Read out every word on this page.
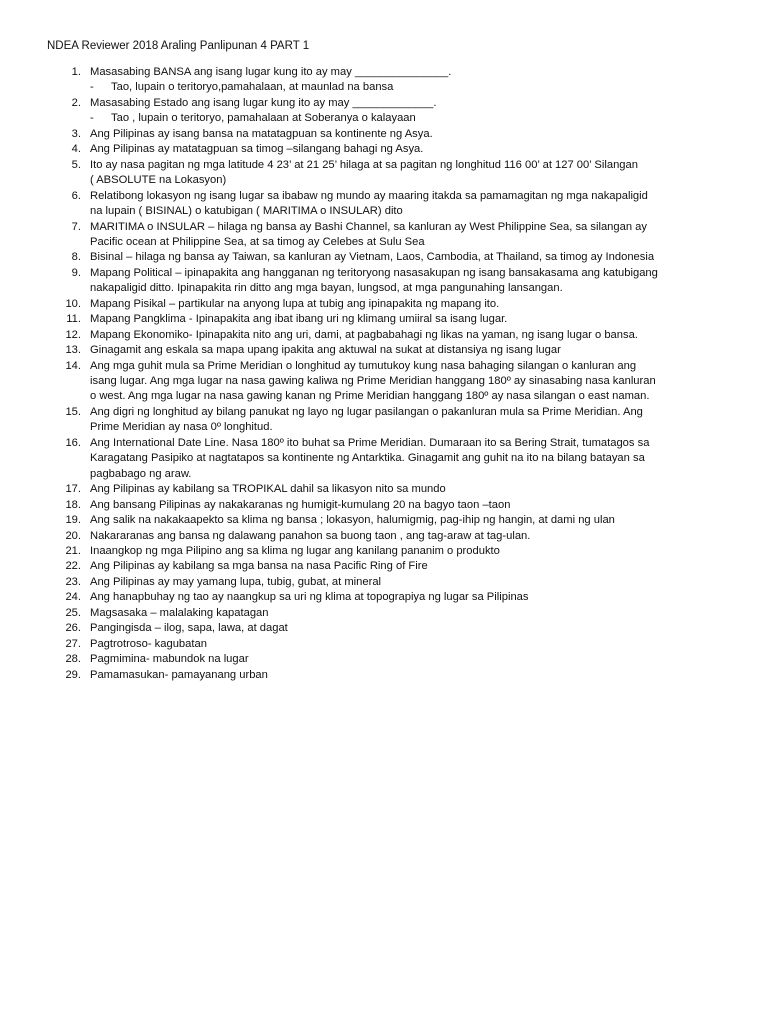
NDEA Reviewer 2018 Araling Panlipunan 4 PART 1
1. Masasabing BANSA ang isang lugar kung ito ay may _______________.
- Tao, lupain o teritoryo,pamahalaan, at maunlad na bansa
2. Masasabing Estado ang isang lugar kung ito ay may _____________.
- Tao , lupain o teritoryo, pamahalaan at Soberanya o kalayaan
3. Ang Pilipinas ay isang bansa na matatagpuan sa kontinente ng Asya.
4. Ang Pilipinas ay matatagpuan sa timog –silangang bahagi ng Asya.
5. Ito ay nasa pagitan ng mga latitude 4 23’ at 21 25’ hilaga at sa pagitan ng longhitud 116 00’ at 127 00’ Silangan
( ABSOLUTE na Lokasyon)
6. Relatibong lokasyon ng isang lugar sa ibabaw ng mundo ay maaring itakda sa pamamagitan ng mga nakapaligid
na lupain ( BISINAL) o katubigan ( MARITIMA o INSULAR) dito
7. MARITIMA o INSULAR – hilaga ng bansa ay Bashi Channel, sa kanluran ay West Philippine Sea, sa silangan ay
Pacific ocean at Philippine Sea, at sa timog ay Celebes at Sulu Sea
8. Bisinal – hilaga ng bansa ay Taiwan, sa kanluran ay Vietnam, Laos, Cambodia, at Thailand, sa timog ay Indonesia
9. Mapang Political – ipinapakita ang hangganan ng teritoryong nasasakupan ng isang bansakasama ang katubigang
nakapaligid ditto. Ipinapakita rin ditto ang mga bayan, lungsod, at mga pangunahing lansangan.
10. Mapang Pisikal – partikular na anyong lupa at tubig ang ipinapakita ng mapang ito.
11. Mapang Pangklima - Ipinapakita ang ibat ibang uri ng klimang umiiral sa isang lugar.
12. Mapang Ekonomiko- Ipinapakita nito ang uri, dami, at pagbabahagi ng likas na yaman, ng isang lugar o bansa.
13. Ginagamit ang eskala sa mapa upang ipakita ang aktuwal na sukat at distansiya ng isang lugar
14. Ang mga guhit mula sa Prime Meridian o longhitud ay tumutukoy kung nasa bahaging silangan o kanluran ang
isang lugar. Ang mga lugar na nasa gawing kaliwa ng Prime Meridian hanggang 180º ay sinasabing nasa kanluran
o west. Ang mga lugar na nasa gawing kanan ng Prime Meridian hanggang 180º ay nasa silangan o east naman.
15. Ang digri ng longhitud ay bilang panukat ng layo ng lugar pasilangan o pakanluran mula sa Prime Meridian. Ang
Prime Meridian ay nasa 0º longhitud.
16. Ang International Date Line. Nasa 180º ito buhat sa Prime Meridian. Dumaraan ito sa Bering Strait, tumatagos sa
Karagatang Pasipiko at nagtatapos sa kontinente ng Antarktika. Ginagamit ang guhit na ito na bilang batayan sa
pagbabago ng araw.
17. Ang Pilipinas ay kabilang sa TROPIKAL dahil sa likasyon nito sa mundo
18. Ang bansang Pilipinas ay nakakaranas ng humigit-kumulang 20 na bagyo taon –taon
19. Ang salik na nakakaapekto sa klima ng bansa ; lokasyon, halumigmig, pag-ihip ng hangin, at dami ng ulan
20. Nakararanas ang bansa ng dalawang panahon sa buong taon , ang tag-araw at tag-ulan.
21. Inaangkop ng mga Pilipino ang sa klima ng lugar ang kanilang pananim o produkto
22. Ang Pilipinas ay kabilang sa mga bansa na nasa Pacific Ring of Fire
23. Ang Pilipinas ay may yamang lupa, tubig, gubat, at mineral
24. Ang hanapbuhay ng tao ay naangkup sa uri ng klima at topograpiya ng lugar sa Pilipinas
25. Magsasaka – malalaking kapatagan
26. Pangingisda – ilog, sapa, lawa, at dagat
27. Pagtrotroso- kagubatan
28. Pagmimina- mabundok na lugar
29. Pamamasukan- pamayanang urban
